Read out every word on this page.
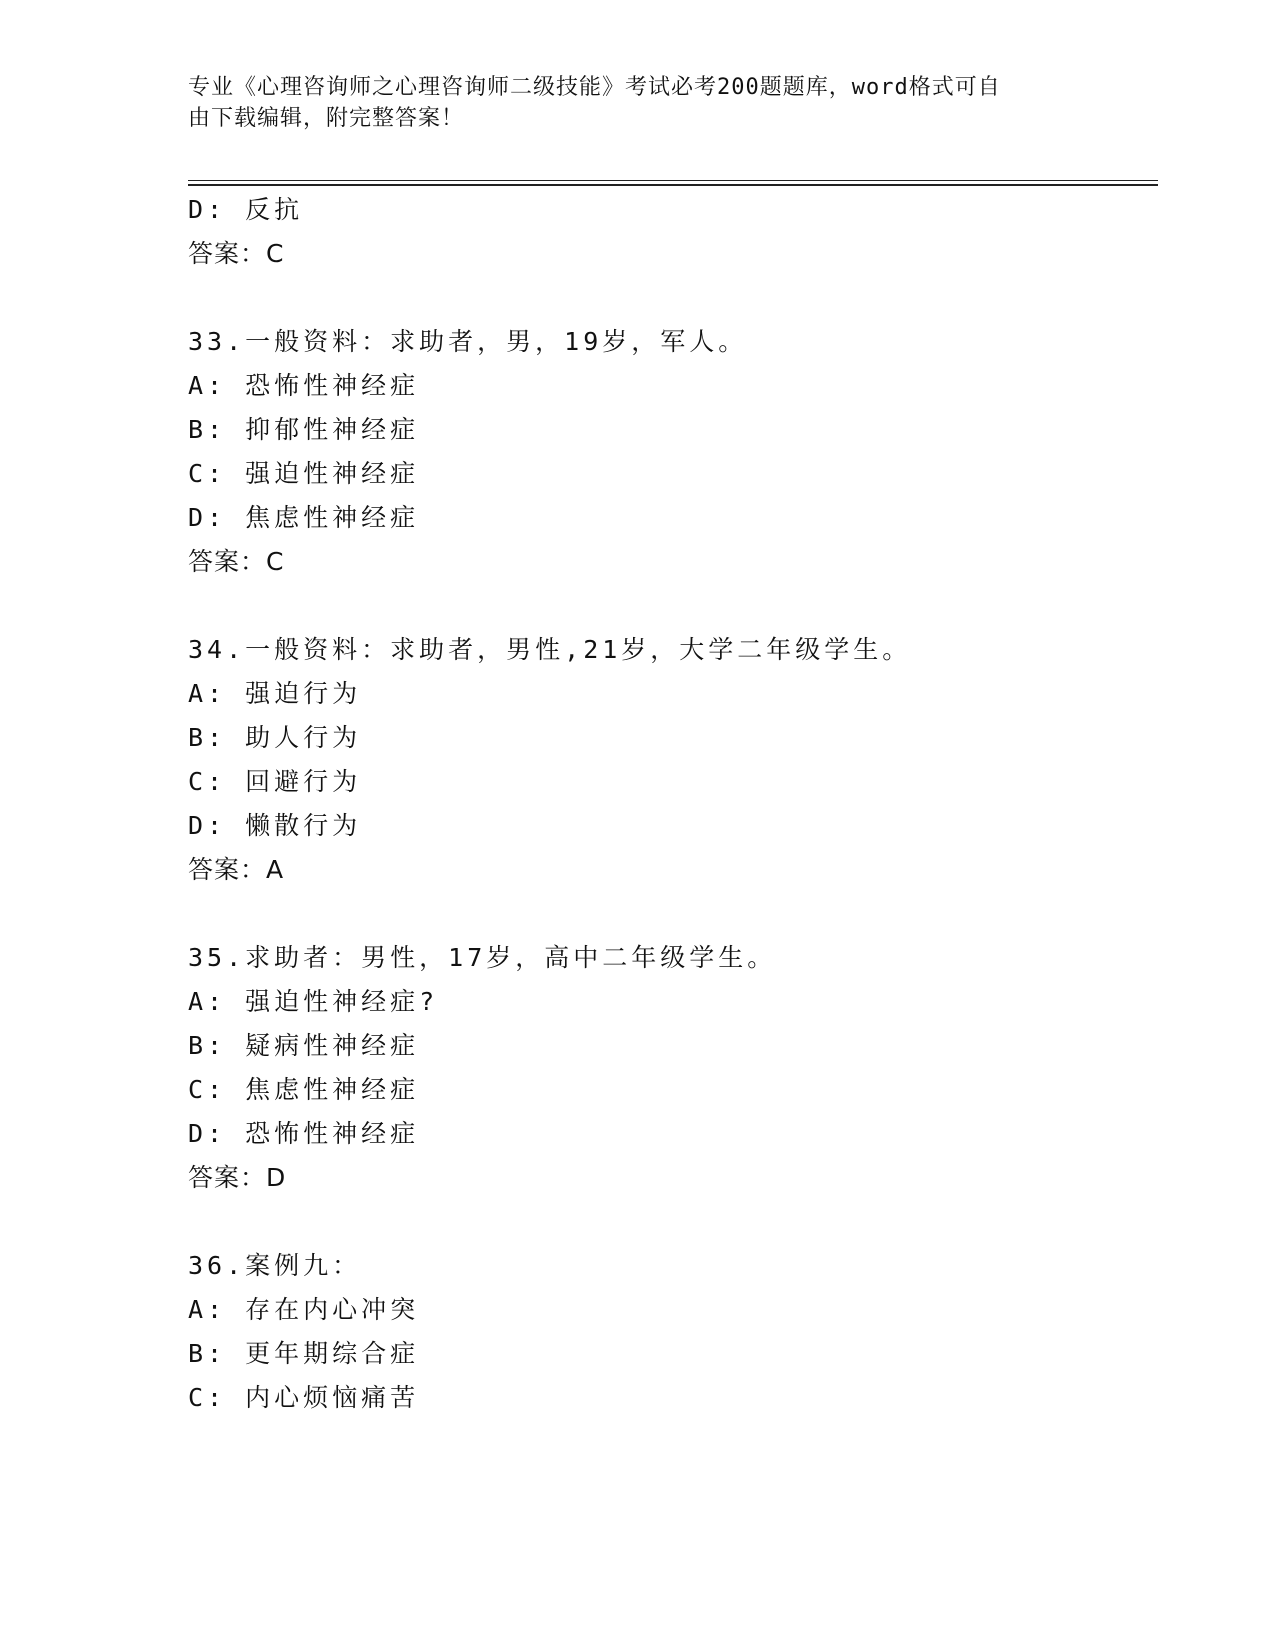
专业《心理咨询师之心理咨询师二级技能》考试必考200题题库，word格式可自
由下载编辑，附完整答案！
D: 反抗
答案：C
33.一般资料：求助者，男，19岁，军人。
A: 恐怖性神经症
B: 抑郁性神经症
C: 强迫性神经症
D: 焦虑性神经症
答案：C
34.一般资料：求助者，男性,21岁，大学二年级学生。
A: 强迫行为
B: 助人行为
C: 回避行为
D: 懒散行为
答案：A
35.求助者：男性，17岁，高中二年级学生。
A: 强迫性神经症?
B: 疑病性神经症
C: 焦虑性神经症
D: 恐怖性神经症
答案：D
36.案例九：
A: 存在内心冲突
B: 更年期综合症
C: 内心烦恼痛苦
